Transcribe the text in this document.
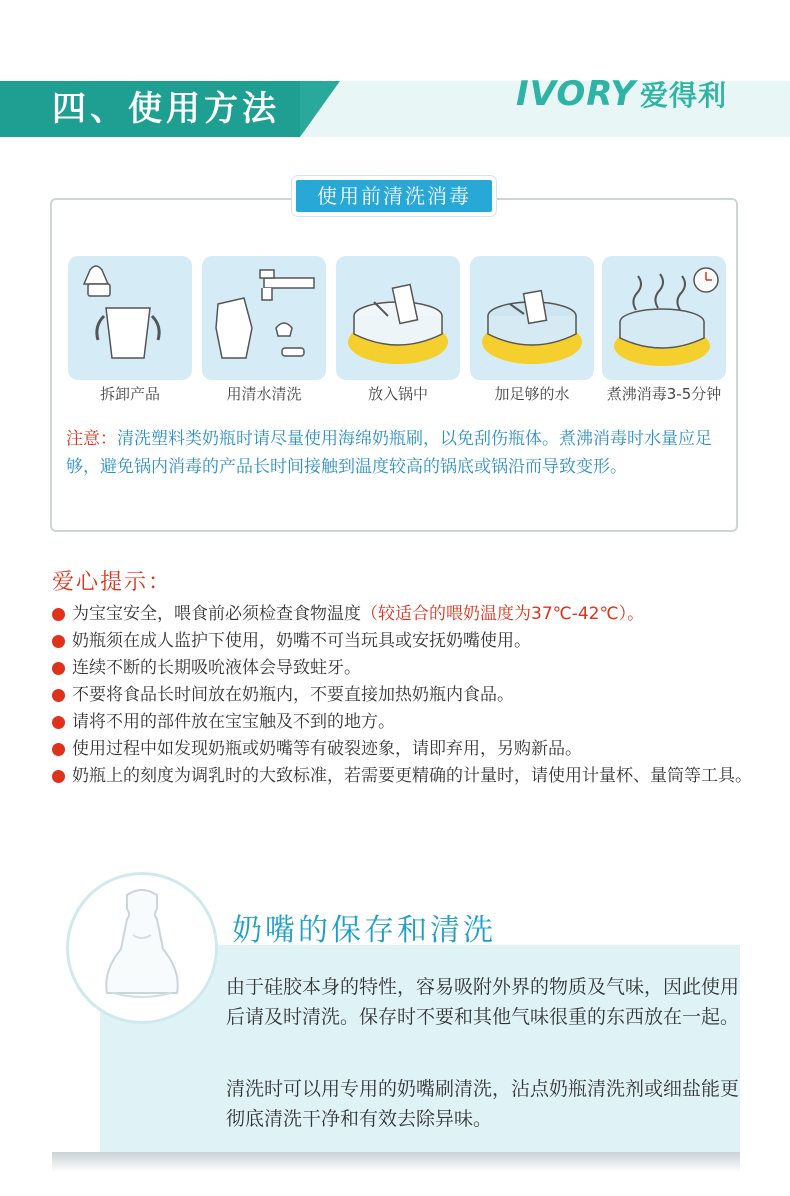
四、使用方法	IVORY 爱得利
使用前清洗消毒
拆卸产品	用清水清洗	放入锅中	加足够的水	煮沸消毒3-5分钟
注意：清洗塑料类奶瓶时请尽量使用海绵奶瓶刷，以免刮伤瓶体。煮沸消毒时水量应足够，避免锅内消毒的产品长时间接触到温度较高的锅底或锅沿而导致变形。
爱心提示：
为宝宝安全，喂食前必须检查食物温度（较适合的喂奶温度为37℃-42℃）。
奶瓶须在成人监护下使用，奶嘴不可当玩具或安抚奶嘴使用。
连续不断的长期吸吮液体会导致蛀牙。
不要将食品长时间放在奶瓶内，不要直接加热奶瓶内食品。
请将不用的部件放在宝宝触及不到的地方。
使用过程中如发现奶瓶或奶嘴等有破裂迹象，请即弃用，另购新品。
奶瓶上的刻度为调乳时的大致标准，若需要更精确的计量时，请使用计量杯、量筒等工具。
奶嘴的保存和清洗
由于硅胶本身的特性，容易吸附外界的物质及气味，因此使用后请及时清洗。保存时不要和其他气味很重的东西放在一起。
清洗时可以用专用的奶嘴刷清洗，沾点奶瓶清洗剂或细盐能更彻底清洗干净和有效去除异味。
